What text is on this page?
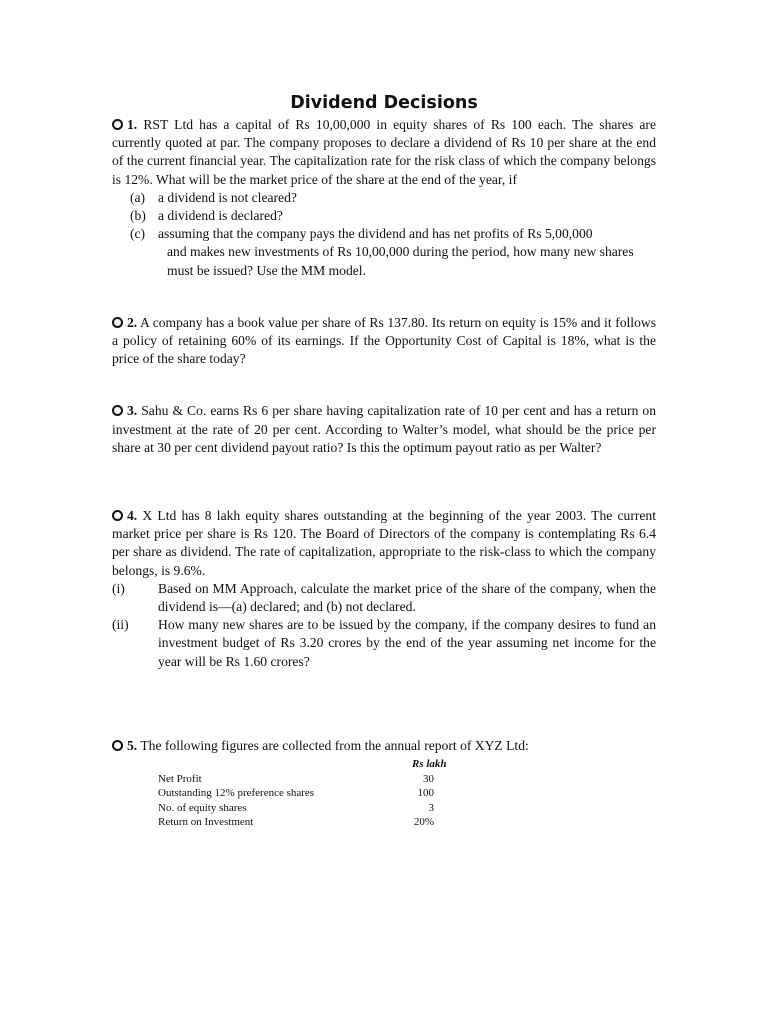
Dividend Decisions

1. RST Ltd has a capital of Rs 10,00,000 in equity shares of Rs 100 each. The shares are currently quoted at par. The company proposes to declare a dividend of Rs 10 per share at the end of the current financial year. The capitalization rate for the risk class of which the company belongs is 12%. What will be the market price of the share at the end of the year, if

(a) a dividend is not cleared?
(b) a dividend is declared?
(c) assuming that the company pays the dividend and has net profits of Rs 5,00,000
and makes new investments of Rs 10,00,000 during the period, how many new shares must be issued? Use the MM model.

2. A company has a book value per share of Rs 137.80. Its return on equity is 15% and it follows a policy of retaining 60% of its earnings. If the Opportunity Cost of Capital is 18%, what is the price of the share today?

3. Sahu & Co. earns Rs 6 per share having capitalization rate of 10 per cent and has a return on investment at the rate of 20 per cent. According to Walter’s model, what should be the price per share at 30 per cent dividend payout ratio? Is this the optimum payout ratio as per Walter?

4. X Ltd has 8 lakh equity shares outstanding at the beginning of the year 2003. The current market price per share is Rs 120. The Board of Directors of the company is contemplating Rs 6.4 per share as dividend. The rate of capitalization, appropriate to the risk-class to which the company belongs, is 9.6%.

(i) Based on MM Approach, calculate the market price of the share of the company, when the dividend is—(a) declared; and (b) not declared.
(ii) How many new shares are to be issued by the company, if the company desires to fund an investment budget of Rs 3.20 crores by the end of the year assuming net income for the year will be Rs 1.60 crores?

5. The following figures are collected from the annual report of XYZ Ltd:

Rs lakh
Net Profit	30
Outstanding 12% preference shares	100
No. of equity shares	3
Return on Investment	20%
